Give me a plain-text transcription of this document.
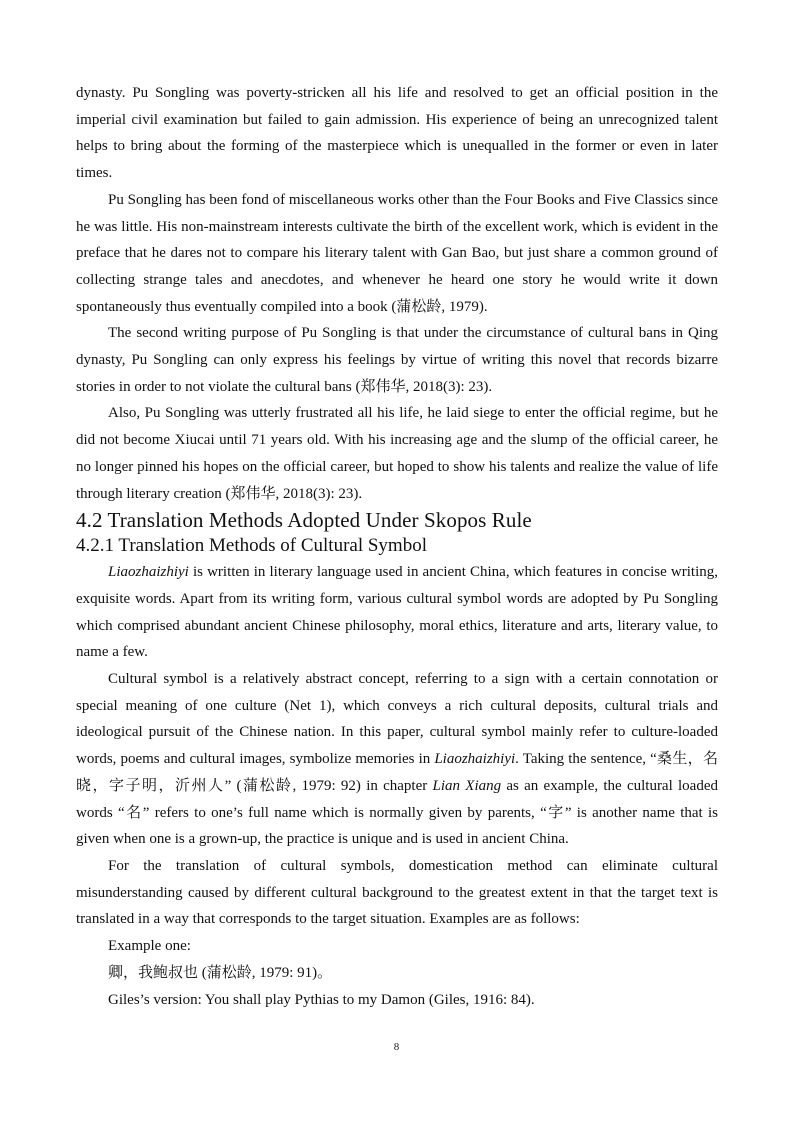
dynasty. Pu Songling was poverty-stricken all his life and resolved to get an official position in the imperial civil examination but failed to gain admission. His experience of being an unrecognized talent helps to bring about the forming of the masterpiece which is unequalled in the former or even in later times.

Pu Songling has been fond of miscellaneous works other than the Four Books and Five Classics since he was little. His non-mainstream interests cultivate the birth of the excellent work, which is evident in the preface that he dares not to compare his literary talent with Gan Bao, but just share a common ground of collecting strange tales and anecdotes, and whenever he heard one story he would write it down spontaneously thus eventually compiled into a book (蒲松龄, 1979).

The second writing purpose of Pu Songling is that under the circumstance of cultural bans in Qing dynasty, Pu Songling can only express his feelings by virtue of writing this novel that records bizarre stories in order to not violate the cultural bans (郑伟华, 2018(3): 23).

Also, Pu Songling was utterly frustrated all his life, he laid siege to enter the official regime, but he did not become Xiucai until 71 years old. With his increasing age and the slump of the official career, he no longer pinned his hopes on the official career, but hoped to show his talents and realize the value of life through literary creation (郑伟华, 2018(3): 23).

4.2 Translation Methods Adopted Under Skopos Rule
4.2.1 Translation Methods of Cultural Symbol

Liaozhaizhiyi is written in literary language used in ancient China, which features in concise writing, exquisite words. Apart from its writing form, various cultural symbol words are adopted by Pu Songling which comprised abundant ancient Chinese philosophy, moral ethics, literature and arts, literary value, to name a few.

Cultural symbol is a relatively abstract concept, referring to a sign with a certain connotation or special meaning of one culture (Net 1), which conveys a rich cultural deposits, cultural trials and ideological pursuit of the Chinese nation. In this paper, cultural symbol mainly refer to culture-loaded words, poems and cultural images, symbolize memories in Liaozhaizhiyi. Taking the sentence, “桑生，名晓，字子明，沂州人” (蒲松龄, 1979: 92) in chapter Lian Xiang as an example, the cultural loaded words “名” refers to one’s full name which is normally given by parents, “字” is another name that is given when one is a grown-up, the practice is unique and is used in ancient China.

For the translation of cultural symbols, domestication method can eliminate cultural misunderstanding caused by different cultural background to the greatest extent in that the target text is translated in a way that corresponds to the target situation. Examples are as follows:

Example one:

卿，我鲍叔也 (蒲松龄, 1979: 91)。

Giles’s version: You shall play Pythias to my Damon (Giles, 1916: 84).

8
